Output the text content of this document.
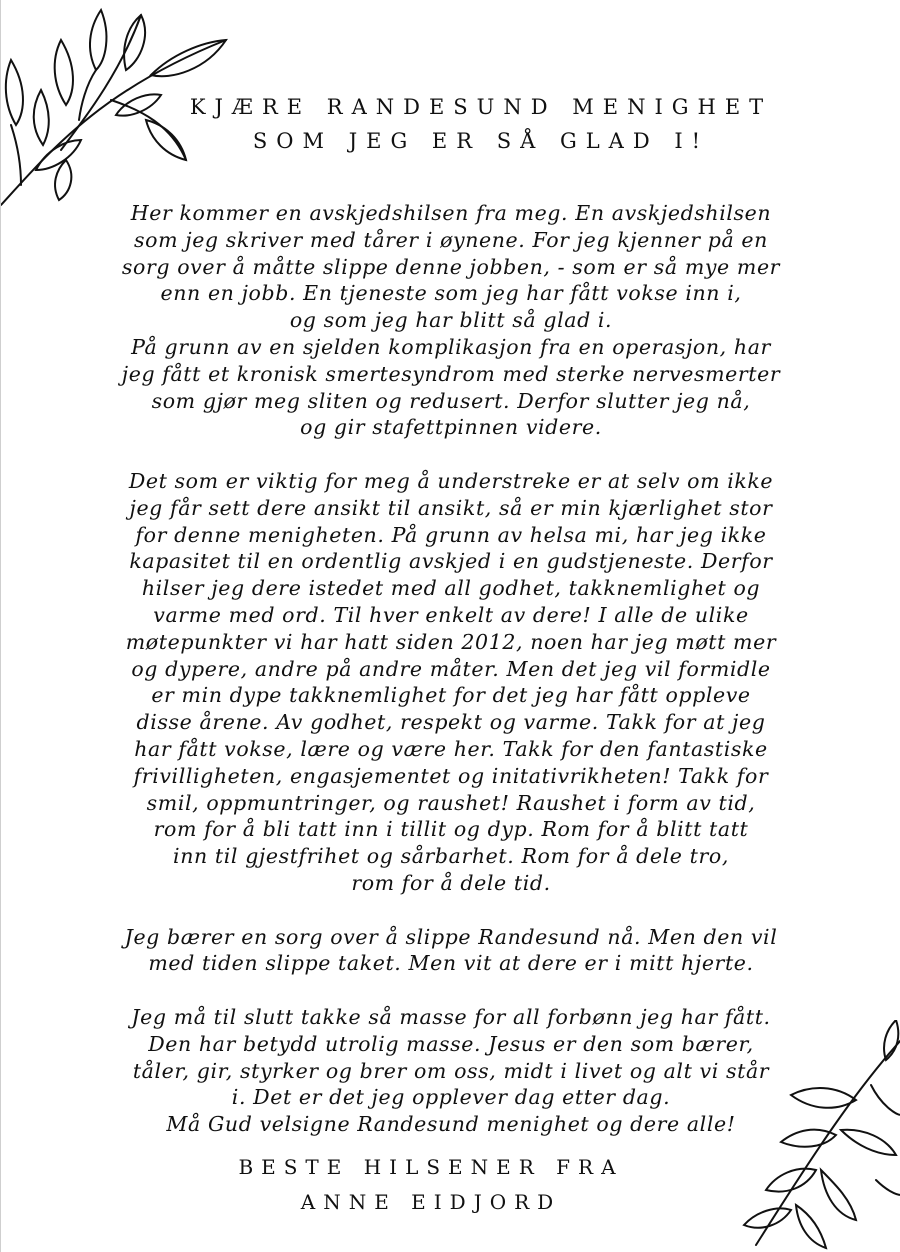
KJÆRE RANDESUND MENIGHET
SOM JEG ER SÅ GLAD I!

Her kommer en avskjedshilsen fra meg. En avskjedshilsen
som jeg skriver med tårer i øynene. For jeg kjenner på en
sorg over å måtte slippe denne jobben, - som er så mye mer
enn en jobb. En tjeneste som jeg har fått vokse inn i,
og som jeg har blitt så glad i.
På grunn av en sjelden komplikasjon fra en operasjon, har
jeg fått et kronisk smertesyndrom med sterke nervesmerter
som gjør meg sliten og redusert. Derfor slutter jeg nå,
og gir stafettpinnen videre.

Det som er viktig for meg å understreke er at selv om ikke
jeg får sett dere ansikt til ansikt, så er min kjærlighet stor
for denne menigheten. På grunn av helsa mi, har jeg ikke
kapasitet til en ordentlig avskjed i en gudstjeneste. Derfor
hilser jeg dere istedet med all godhet, takknemlighet og
varme med ord. Til hver enkelt av dere! I alle de ulike
møtepunkter vi har hatt siden 2012, noen har jeg møtt mer
og dypere, andre på andre måter. Men det jeg vil formidle
er min dype takknemlighet for det jeg har fått oppleve
disse årene. Av godhet, respekt og varme. Takk for at jeg
har fått vokse, lære og være her. Takk for den fantastiske
frivilligheten, engasjementet og initativrikheten! Takk for
smil, oppmuntringer, og raushet! Raushet i form av tid,
rom for å bli tatt inn i tillit og dyp. Rom for å blitt tatt
inn til gjestfrihet og sårbarhet. Rom for å dele tro,
rom for å dele tid.

Jeg bærer en sorg over å slippe Randesund nå. Men den vil
med tiden slippe taket. Men vit at dere er i mitt hjerte.

Jeg må til slutt takke så masse for all forbønn jeg har fått.
Den har betydd utrolig masse. Jesus er den som bærer,
tåler, gir, styrker og brer om oss, midt i livet og alt vi står
i. Det er det jeg opplever dag etter dag.
Må Gud velsigne Randesund menighet og dere alle!

BESTE HILSENER FRA
ANNE EIDJORD
